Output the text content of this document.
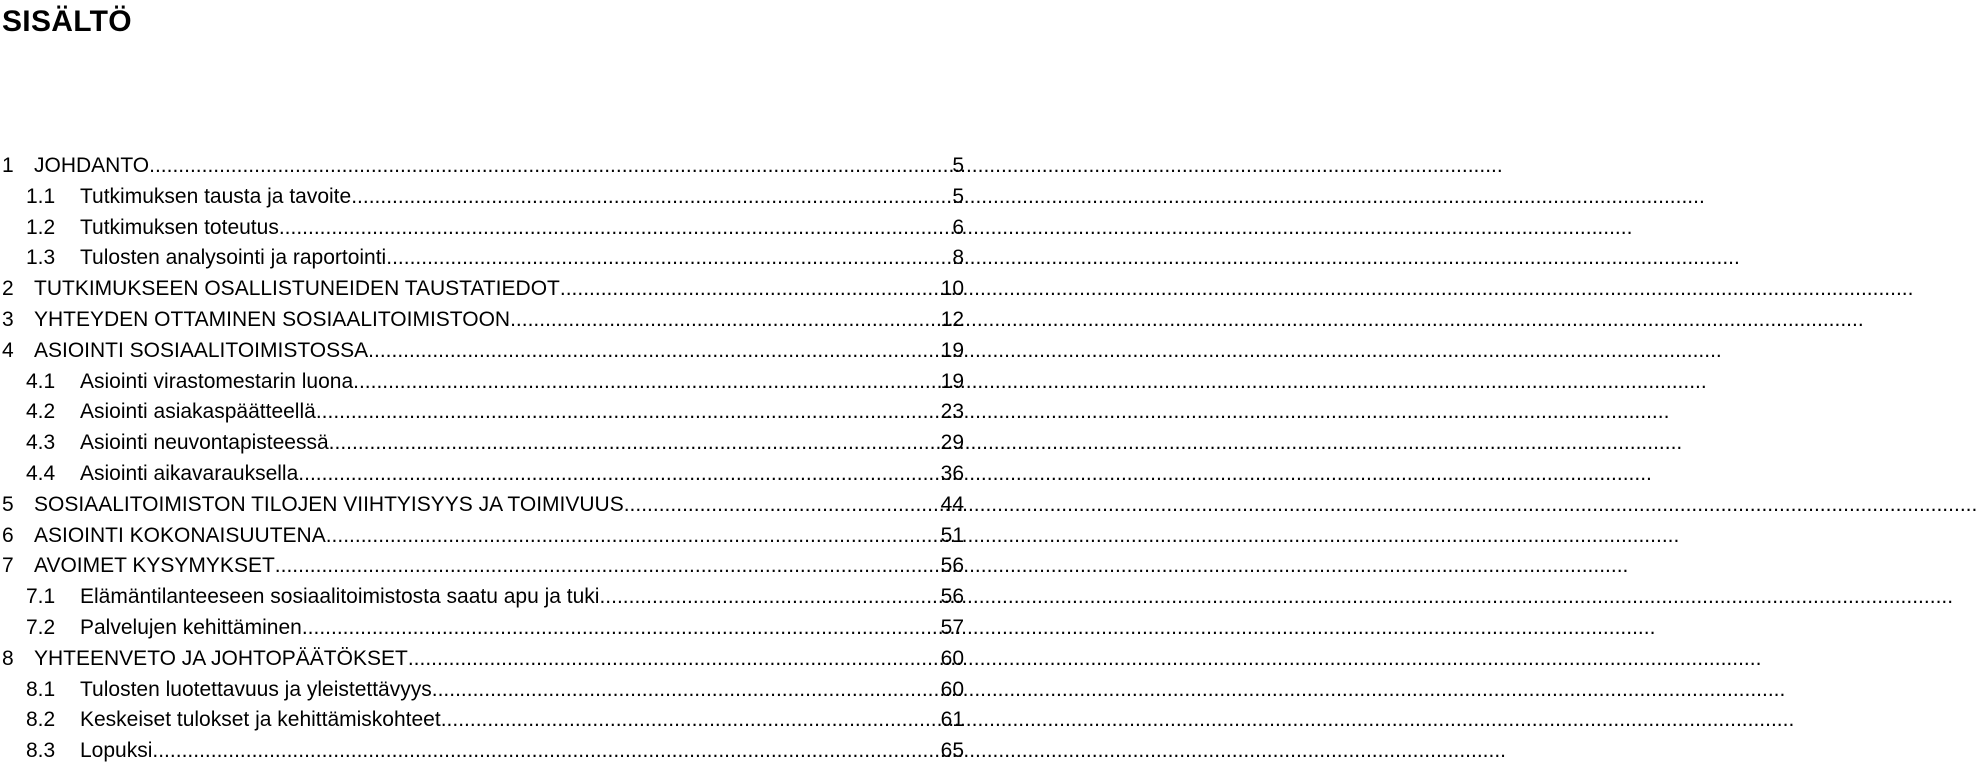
SISÄLTÖ
1 JOHDANTO .....	5
1.1	Tutkimuksen tausta ja tavoite .....	5
1.2	Tutkimuksen toteutus .....	6
1.3	Tulosten analysointi ja raportointi .....	8
2 TUTKIMUKSEEN OSALLISTUNEIDEN TAUSTATIEDOT .....	10
3 YHTEYDEN OTTAMINEN SOSIAALITOIMISTOON .....	12
4 ASIOINTI SOSIAALITOIMISTOSSA .....	19
4.1	Asiointi virastomestarin luona .....	19
4.2	Asiointi asiakaspäätteellä .....	23
4.3	Asiointi neuvontapisteessä .....	29
4.4	Asiointi aikavarauksella .....	36
5 SOSIAALITOIMISTON TILOJEN VIIHTYISYYS JA TOIMIVUUS .....	44
6 ASIOINTI KOKONAISUUTENA .....	51
7 AVOIMET KYSYMYKSET .....	56
7.1	Elämäntilanteeseen sosiaalitoimistosta saatu apu ja tuki .....	56
7.2	Palvelujen kehittäminen .....	57
8 YHTEENVETO JA JOHTOPÄÄTÖKSET .....	60
8.1	Tulosten luotettavuus ja yleistettävyys .....	60
8.2	Keskeiset tulokset ja kehittämiskohteet .....	61
8.3	Lopuksi .....	65
